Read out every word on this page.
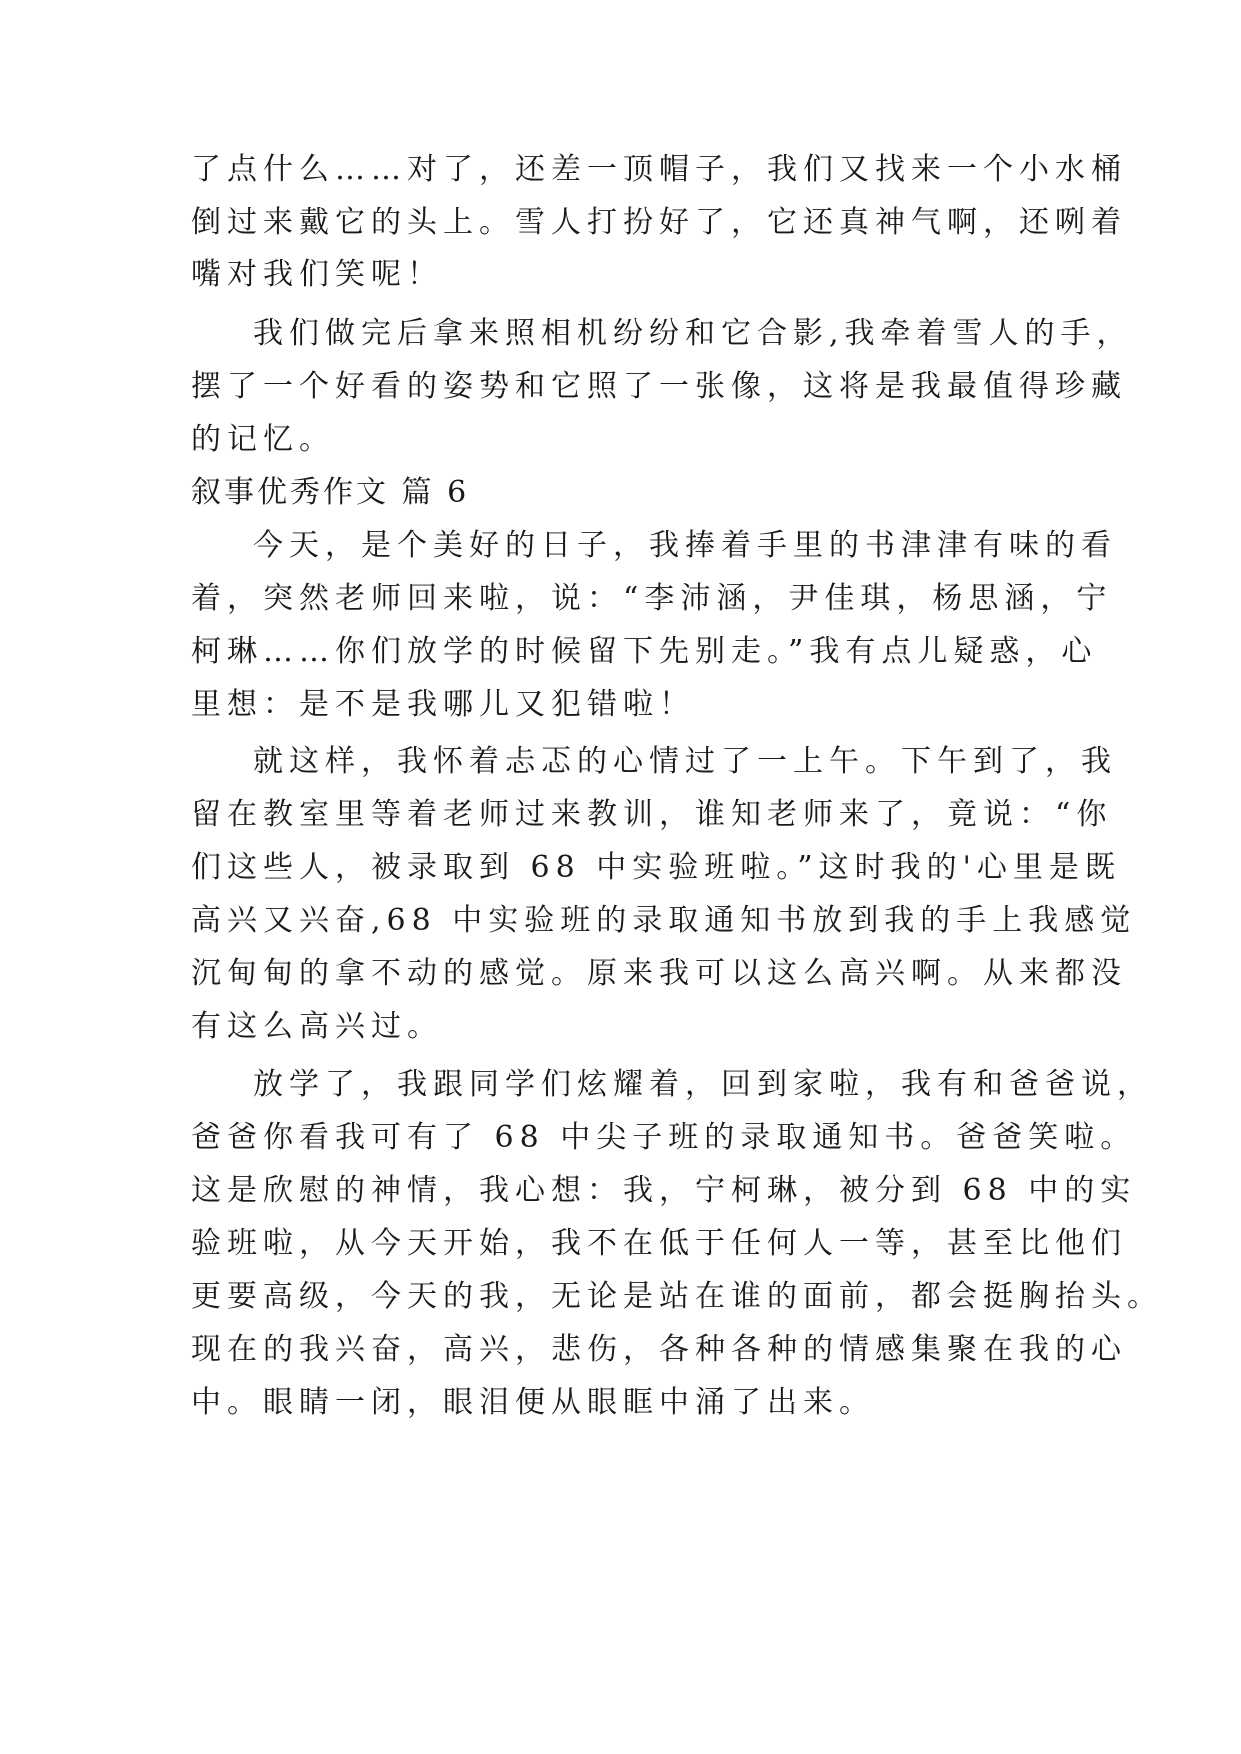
了点什么……对了，还差一顶帽子，我们又找来一个小水桶
倒过来戴它的头上。雪人打扮好了，它还真神气啊，还咧着
嘴对我们笑呢！
我们做完后拿来照相机纷纷和它合影,我牵着雪人的手，
摆了一个好看的姿势和它照了一张像，这将是我最值得珍藏
的记忆。
叙事优秀作文 篇 6
今天，是个美好的日子，我捧着手里的书津津有味的看
着，突然老师回来啦，说：“李沛涵，尹佳琪，杨思涵，宁
柯琳……你们放学的时候留下先别走。”我有点儿疑惑，心
里想：是不是我哪儿又犯错啦！
就这样，我怀着忐忑的心情过了一上午。下午到了，我
留在教室里等着老师过来教训，谁知老师来了，竟说：“你
们这些人，被录取到 68 中实验班啦。”这时我的'心里是既
高兴又兴奋,68 中实验班的录取通知书放到我的手上我感觉
沉甸甸的拿不动的感觉。原来我可以这么高兴啊。从来都没
有这么高兴过。
放学了，我跟同学们炫耀着，回到家啦，我有和爸爸说，
爸爸你看我可有了 68 中尖子班的录取通知书。爸爸笑啦。
这是欣慰的神情，我心想：我，宁柯琳，被分到 68 中的实
验班啦，从今天开始，我不在低于任何人一等，甚至比他们
更要高级，今天的我，无论是站在谁的面前，都会挺胸抬头。
现在的我兴奋，高兴，悲伤，各种各种的情感集聚在我的心
中。眼睛一闭，眼泪便从眼眶中涌了出来。
